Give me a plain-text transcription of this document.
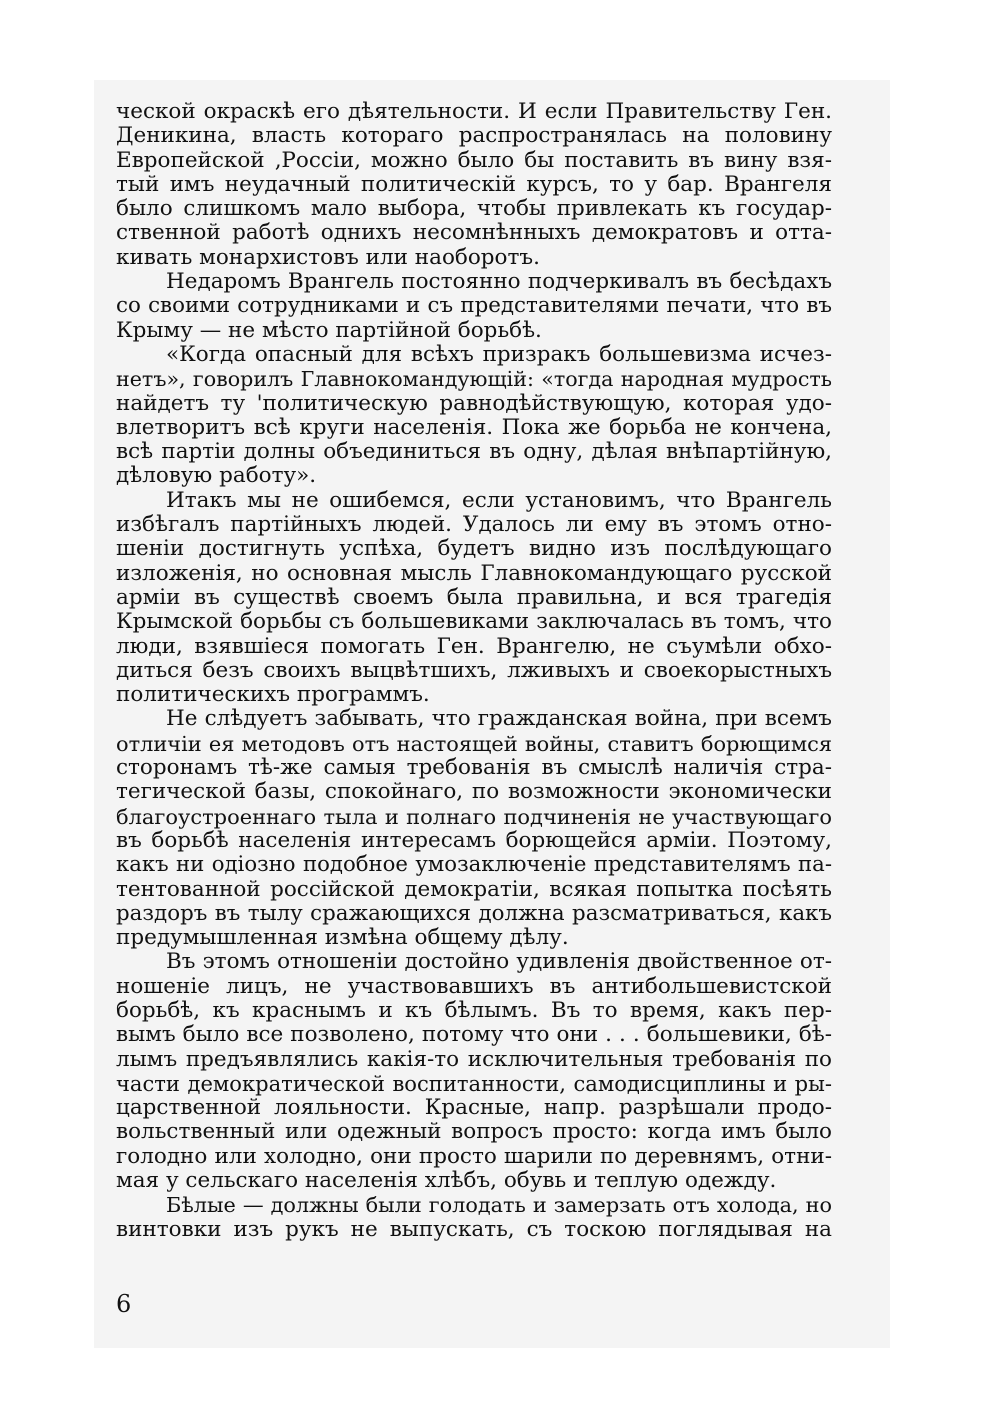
ческой окраскѣ его дѣятельности. И если Правительству Ген.
Деникина, власть котораго распространялась на половину
Европейской ‚Россіи, можно было бы поставить въ вину взя-
тый имъ неудачный политическій курсъ, то у бар. Врангеля
было слишкомъ мало выбора, чтобы привлекать къ государ-
ственной работѣ однихъ несомнѣнныхъ демократовъ и отта-
кивать монархистовъ или наоборотъ.
Недаромъ Врангель постоянно подчеркивалъ въ бесѣдахъ
со своими сотрудниками и съ представителями печати, что въ
Крыму — не мѣсто партійной борьбѣ.
«Когда опасный для всѣхъ призракъ большевизма исчез-
нетъ», говорилъ Главнокомандующій: «тогда народная мудрость
найдетъ ту 'политическую равнодѣйствующую, которая удо-
влетворитъ всѣ круги населенія. Пока же борьба не кончена,
всѣ партіи долны объединиться въ одну, дѣлая внѣпартійную,
дѣловую работу».
Итакъ мы не ошибемся, если установимъ, что Врангель
избѣгалъ партійныхъ людей. Удалось ли ему въ этомъ отно-
шеніи достигнуть успѣха, будетъ видно изъ послѣдующаго
изложенія, но основная мысль Главнокомандующаго русской
арміи въ существѣ своемъ была правильна, и вся трагедія
Крымской борьбы съ большевиками заключалась въ томъ, что
люди, взявшіеся помогать Ген. Врангелю, не съумѣли обхо-
диться безъ своихъ выцвѣтшихъ, лживыхъ и своекорыстныхъ
политическихъ программъ.
Не слѣдуетъ забывать, что гражданская война, при всемъ
отличіи ея методовъ отъ настоящей войны, ставитъ борющимся
сторонамъ тѣ-же самыя требованія въ смыслѣ наличія стра-
тегической базы, спокойнаго, по возможности экономически
благоустроеннаго тыла и полнаго подчиненія не участвующаго
въ борьбѣ населенія интересамъ борющейся арміи. Поэтому,
какъ ни одіозно подобное умозаключеніе представителямъ па-
тентованной россійской демократіи, всякая попытка посѣять
раздоръ въ тылу сражающихся должна разсматриваться, какъ
предумышленная измѣна общему дѣлу.
Въ этомъ отношеніи достойно удивленія двойственное от-
ношеніе лицъ, не участвовавшихъ въ антибольшевистской
борьбѣ, къ краснымъ и къ бѣлымъ. Въ то время, какъ пер-
вымъ было все позволено, потому что они . . . большевики, бѣ-
лымъ предъявлялись какія-то исключительныя требованія по
части демократической воспитанности, самодисциплины и ры-
царственной лояльности. Красные, напр. разрѣшали продо-
вольственный или одежный вопросъ просто: когда имъ было
голодно или холодно, они просто шарили по деревнямъ, отни-
мая у сельскаго населенія хлѣбъ, обувь и теплую одежду.
Бѣлые — должны были голодать и замерзать отъ холода, но
винтовки изъ рукъ не выпускать, съ тоскою поглядывая на
6
